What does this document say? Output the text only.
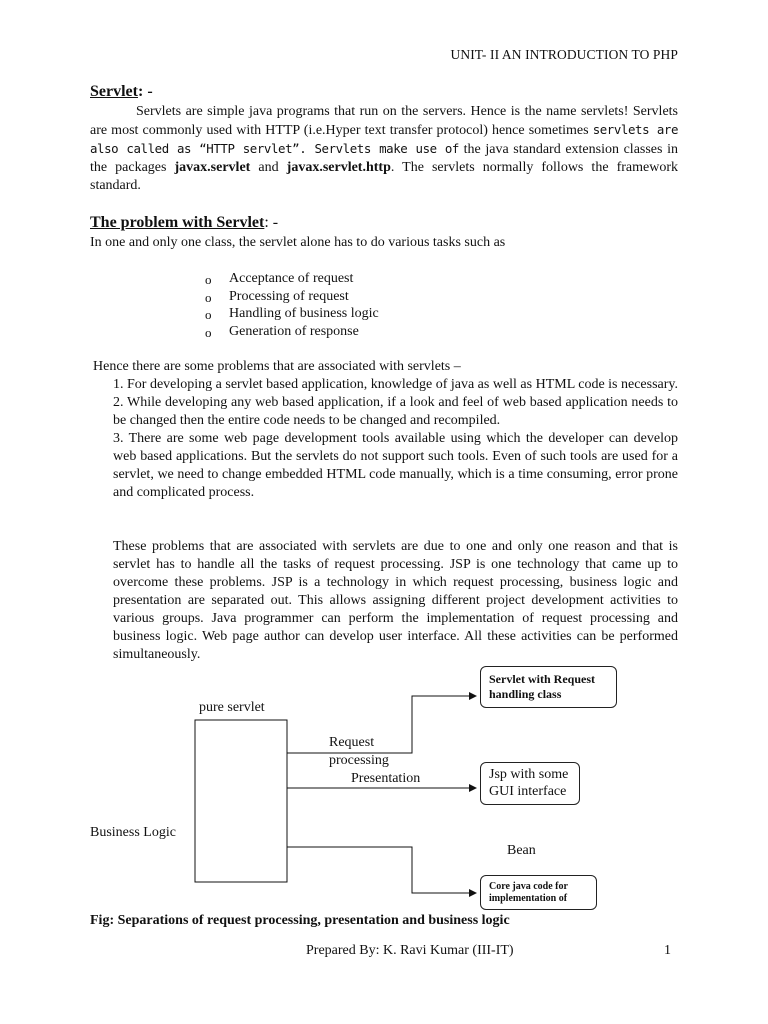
UNIT- II AN INTRODUCTION TO PHP
Servlet: -
Servlets are simple java programs that run on the servers. Hence is the name servlets! Servlets are most commonly used with HTTP (i.e.Hyper text transfer protocol) hence sometimes servlets are also called as “HTTP servlet”. Servlets make use of the java standard extension classes in the packages javax.servlet and javax.servlet.http. The servlets normally follows the framework standard.
The problem with Servlet: -
In one and only one class, the servlet alone has to do various tasks such as
o Acceptance of request
o Processing of request
o Handling of business logic
o Generation of response
Hence there are some problems that are associated with servlets –

1. For developing a servlet based application, knowledge of java as well as HTML code is necessary.

2. While developing any web based application, if a look and feel of web based application needs to be changed then the entire code needs to be changed and recompiled.

3. There are some web page development tools available using which the developer can develop web based applications. But the servlets do not support such tools. Even of such tools are used for a servlet, we need to change embedded HTML code manually, which is a time consuming, error prone and complicated process.

These problems that are associated with servlets are due to one and only one reason and that is servlet has to handle all the tasks of request processing. JSP is one technology that came up to overcome these problems. JSP is a technology in which request processing, business logic and presentation are separated out. This allows assigning different project development activities to various groups. Java programmer can perform the implementation of request processing and business logic. Web page author can develop user interface. All these activities can be performed simultaneously.
pure servlet
Business Logic
Request
processing
Presentation
Bean
Servlet with Request
handling class
Jsp with some
GUI interface
Core java code for
implementation of
Fig: Separations of request processing, presentation and business logic
Prepared By: K. Ravi Kumar (III-IT)	1
